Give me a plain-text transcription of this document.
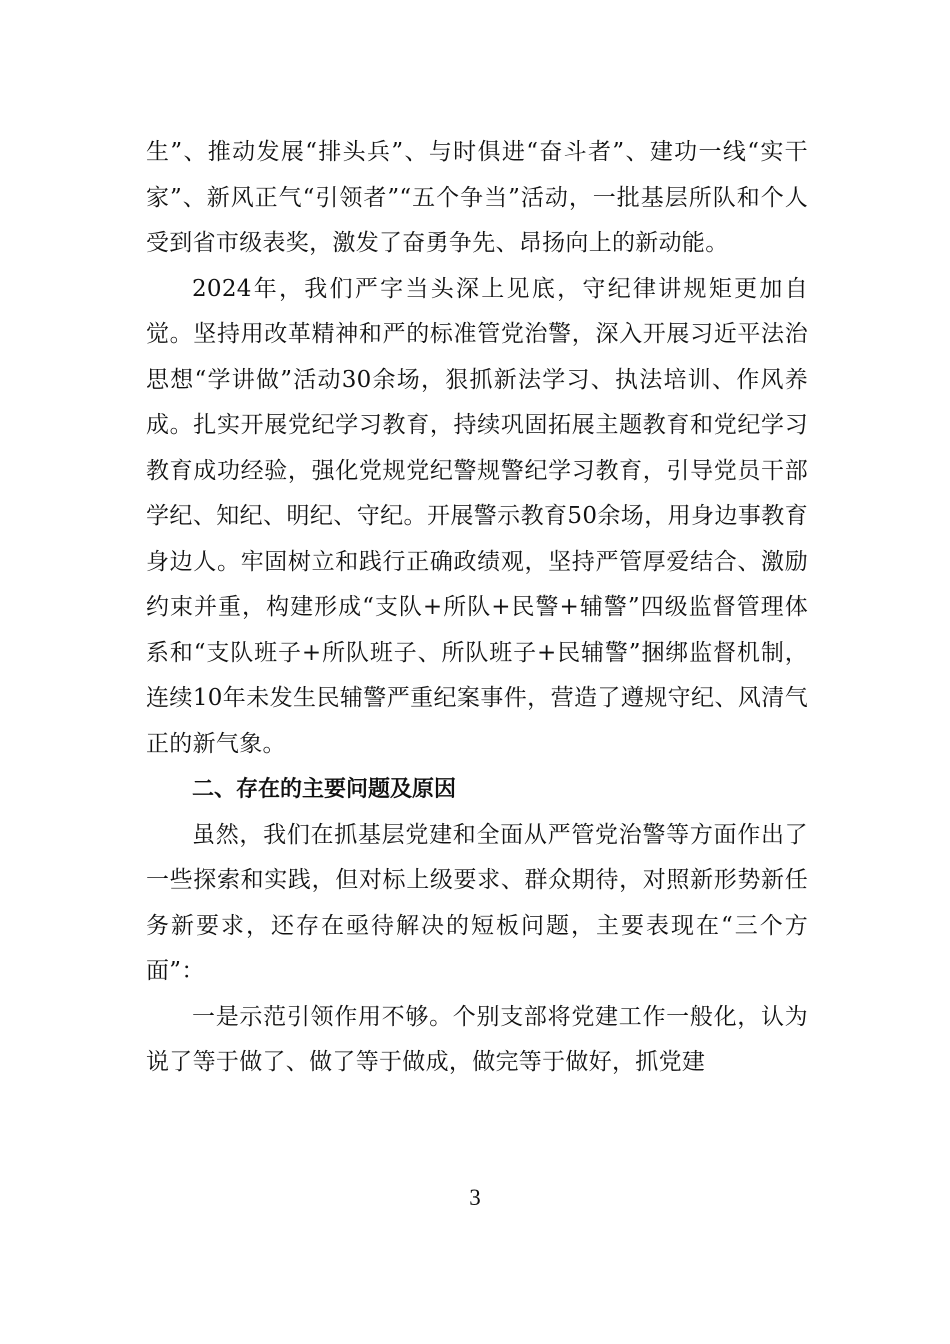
生”、推动发展“排头兵”、与时俱进“奋斗者”、建功一线“实干家”、新风正气“引领者”“五个争当”活动，一批基层所队和个人受到省市级表奖，激发了奋勇争先、昂扬向上的新动能。

2024年，我们严字当头深上见底，守纪律讲规矩更加自觉。坚持用改革精神和严的标准管党治警，深入开展习近平法治思想“学讲做”活动30余场，狠抓新法学习、执法培训、作风养成。扎实开展党纪学习教育，持续巩固拓展主题教育和党纪学习教育成功经验，强化党规党纪警规警纪学习教育，引导党员干部学纪、知纪、明纪、守纪。开展警示教育50余场，用身边事教育身边人。牢固树立和践行正确政绩观，坚持严管厚爱结合、激励约束并重，构建形成“支队+所队+民警+辅警”四级监督管理体系和“支队班子+所队班子、所队班子+民辅警”捆绑监督机制，连续10年未发生民辅警严重纪案事件，营造了遵规守纪、风清气正的新气象。

二、存在的主要问题及原因

虽然，我们在抓基层党建和全面从严管党治警等方面作出了一些探索和实践，但对标上级要求、群众期待，对照新形势新任务新要求，还存在亟待解决的短板问题，主要表现在“三个方面”：

一是示范引领作用不够。个别支部将党建工作一般化，认为说了等于做了、做了等于做成，做完等于做好，抓党建

3
